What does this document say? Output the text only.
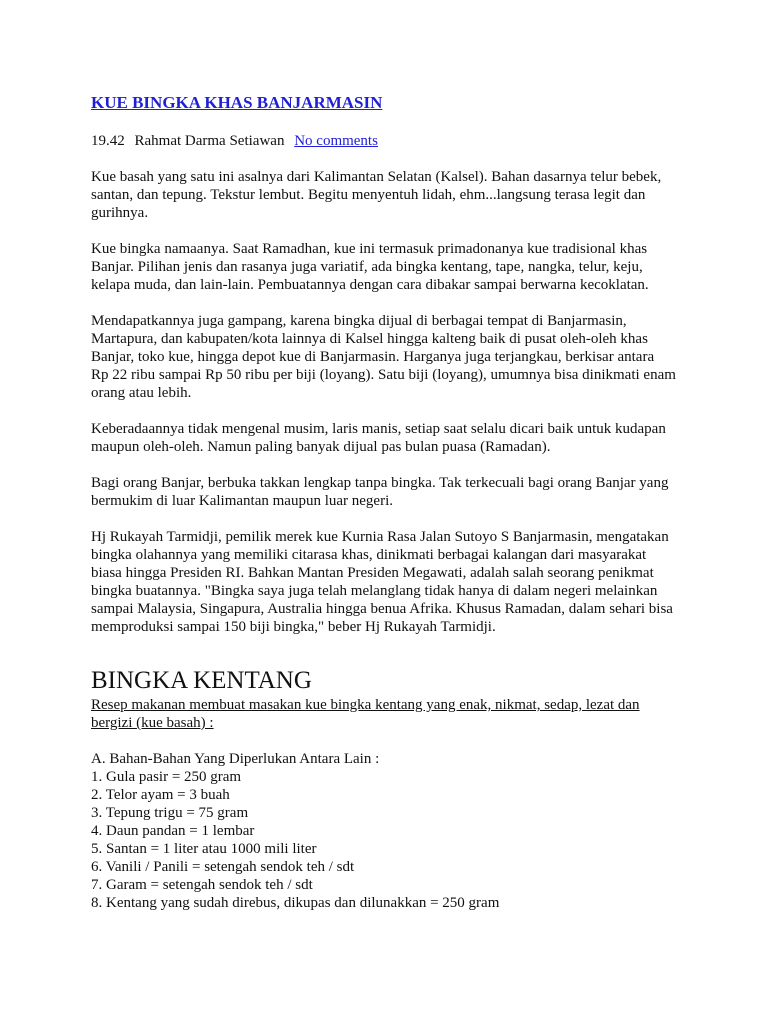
KUE BINGKA KHAS BANJARMASIN
19.42 Rahmat Darma Setiawan No comments
Kue basah yang satu ini asalnya dari Kalimantan Selatan (Kalsel). Bahan dasarnya telur bebek,
santan, dan tepung. Tekstur lembut. Begitu menyentuh lidah, ehm...langsung terasa legit dan
gurihnya.
Kue bingka namaanya. Saat Ramadhan, kue ini termasuk primadonanya kue tradisional khas
Banjar. Pilihan jenis dan rasanya juga variatif, ada bingka kentang, tape, nangka, telur, keju,
kelapa muda, dan lain-lain. Pembuatannya dengan cara dibakar sampai berwarna kecoklatan.
Mendapatkannya juga gampang, karena bingka dijual di berbagai tempat di Banjarmasin,
Martapura, dan kabupaten/kota lainnya di Kalsel hingga kalteng baik di pusat oleh-oleh khas
Banjar, toko kue, hingga depot kue di Banjarmasin. Harganya juga terjangkau, berkisar antara
Rp 22 ribu sampai Rp 50 ribu per biji (loyang). Satu biji (loyang), umumnya bisa dinikmati enam
orang atau lebih.
Keberadaannya tidak mengenal musim, laris manis, setiap saat selalu dicari baik untuk kudapan
maupun oleh-oleh. Namun paling banyak dijual pas bulan puasa (Ramadan).
Bagi orang Banjar, berbuka takkan lengkap tanpa bingka. Tak terkecuali bagi orang Banjar yang
bermukim di luar Kalimantan maupun luar negeri.
Hj Rukayah Tarmidji, pemilik merek kue Kurnia Rasa Jalan Sutoyo S Banjarmasin, mengatakan
bingka olahannya yang memiliki citarasa khas, dinikmati berbagai kalangan dari masyarakat
biasa hingga Presiden RI. Bahkan Mantan Presiden Megawati, adalah salah seorang penikmat
bingka buatannya. "Bingka saya juga telah melanglang tidak hanya di dalam negeri melainkan
sampai Malaysia, Singapura, Australia hingga benua Afrika. Khusus Ramadan, dalam sehari bisa
memproduksi sampai 150 biji bingka," beber Hj Rukayah Tarmidji.
BINGKA KENTANG
Resep makanan membuat masakan kue bingka kentang yang enak, nikmat, sedap, lezat dan
bergizi (kue basah) :
A. Bahan-Bahan Yang Diperlukan Antara Lain :
1. Gula pasir = 250 gram
2. Telor ayam = 3 buah
3. Tepung trigu = 75 gram
4. Daun pandan = 1 lembar
5. Santan = 1 liter atau 1000 mili liter
6. Vanili / Panili = setengah sendok teh / sdt
7. Garam = setengah sendok teh / sdt
8. Kentang yang sudah direbus, dikupas dan dilunakkan = 250 gram
